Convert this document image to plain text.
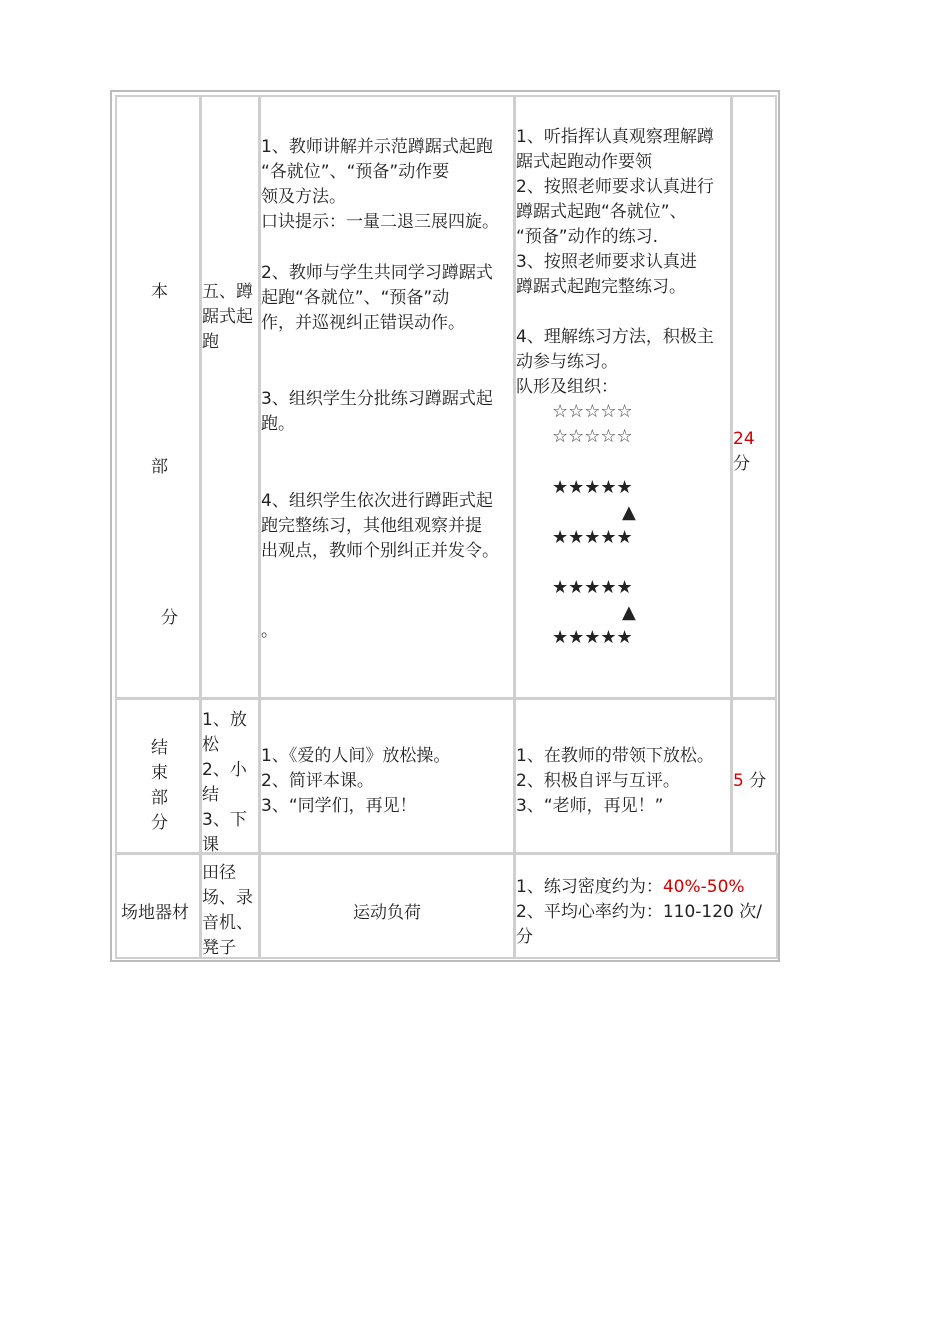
本
部
分
五、蹲
踞式起
跑
1、教师讲解并示范蹲踞式起跑
“各就位”、“预备”动作要
领及方法。
口诀提示：一量二退三展四旋。
2、教师与学生共同学习蹲踞式
起跑“各就位”、“预备”动
作，并巡视纠正错误动作。
3、组织学生分批练习蹲踞式起
跑。
4、组织学生依次进行蹲距式起
跑完整练习，其他组观察并提
出观点，教师个别纠正并发令。
。
1、听指挥认真观察理解蹲
踞式起跑动作要领
2、按照老师要求认真进行
蹲踞式起跑“各就位”、
“预备”动作的练习.
3、按照老师要求认真进
蹲踞式起跑完整练习。
4、理解练习方法，积极主
动参与练习。
队形及组织：
24
分
结
束
部
分
1、放
松
2、小
结
3、下
课
1、《爱的人间》放松操。
2、简评本课。
3、“同学们，再见！
1、在教师的带领下放松。
2、积极自评与互评。
3、“老师，再见！”
5 分
场地器材
田径
场、录
音机、
凳子
运动负荷
1、练习密度约为：40%-50%
2、平均心率约为：110-120 次/
分
☆☆☆☆☆
☆☆☆☆☆
★★★★★
▲
★★★★★
★★★★★
▲
★★★★★
